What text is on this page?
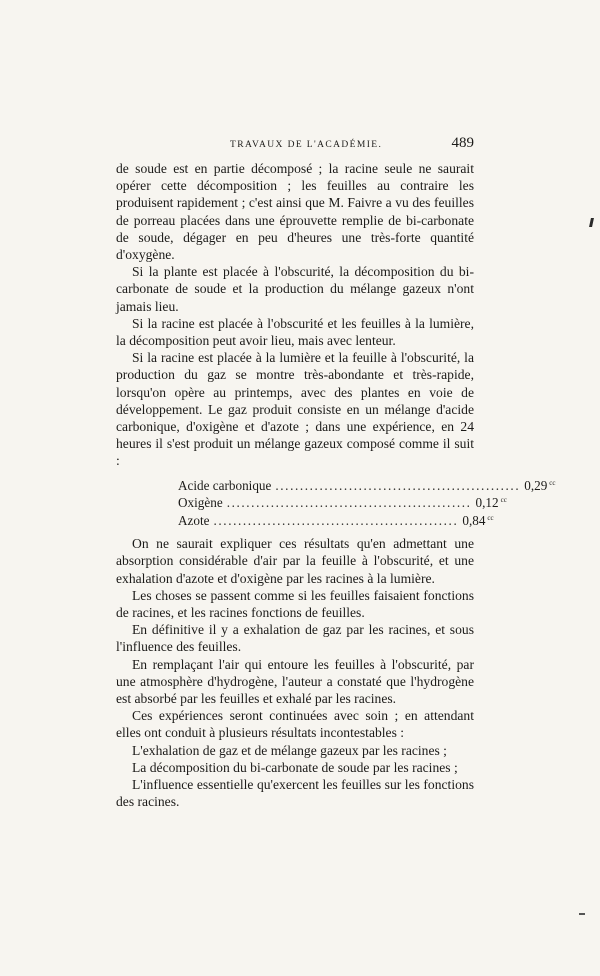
TRAVAUX DE L'ACADÉMIE.	489

de soude est en partie décomposé ; la racine seule ne saurait opérer cette décomposition ; les feuilles au contraire les produisent rapidement ; c'est ainsi que M. Faivre a vu des feuilles de porreau placées dans une éprouvette remplie de bi-carbonate de soude, dégager en peu d'heures une très-forte quantité d'oxygène.

Si la plante est placée à l'obscurité, la décomposition du bi-carbonate de soude et la production du mélange gazeux n'ont jamais lieu.

Si la racine est placée à l'obscurité et les feuilles à la lumière, la décomposition peut avoir lieu, mais avec lenteur.

Si la racine est placée à la lumière et la feuille à l'obscurité, la production du gaz se montre très-abondante et très-rapide, lorsqu'on opère au printemps, avec des plantes en voie de développement. Le gaz produit consiste en un mélange d'acide carbonique, d'oxigène et d'azote ; dans une expérience, en 24 heures il s'est produit un mélange gazeux composé comme il suit :

Acide carbonique .................................................. 0,29 $^{cc}$
Oxigène .................................................. 0,12 $^{cc}$
Azote .................................................. 0,84 $^{cc}$

On ne saurait expliquer ces résultats qu'en admettant une absorption considérable d'air par la feuille à l'obscurité, et une exhalation d'azote et d'oxigène par les racines à la lumière.

Les choses se passent comme si les feuilles faisaient fonctions de racines, et les racines fonctions de feuilles.

En définitive il y a exhalation de gaz par les racines, et sous l'influence des feuilles.

En remplaçant l'air qui entoure les feuilles à l'obscurité, par une atmosphère d'hydrogène, l'auteur a constaté que l'hydrogène est absorbé par les feuilles et exhalé par les racines.

Ces expériences seront continuées avec soin ; en attendant elles ont conduit à plusieurs résultats incontestables :

L'exhalation de gaz et de mélange gazeux par les racines ;

La décomposition du bi-carbonate de soude par les racines ;

L'influence essentielle qu'exercent les feuilles sur les fonctions des racines.
